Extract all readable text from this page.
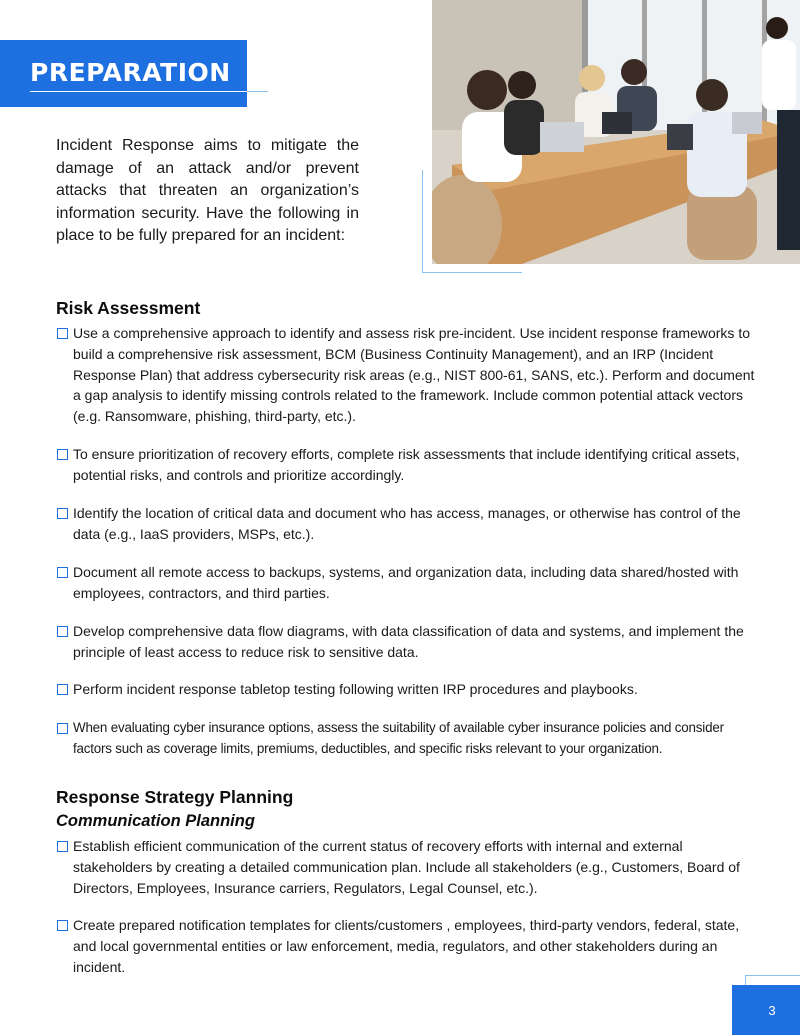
PREPARATION

Incident Response aims to mitigate the damage of an attack and/or prevent attacks that threaten an organization’s information security. Have the following in place to be fully prepared for an incident:

Risk Assessment
Use a comprehensive approach to identify and assess risk pre-incident. Use incident response frameworks to build a comprehensive risk assessment, BCM (Business Continuity Management), and an IRP (Incident Response Plan) that address cybersecurity risk areas (e.g., NIST 800-61, SANS, etc.). Perform and document a gap analysis to identify missing controls related to the framework. Include common potential attack vectors (e.g. Ransomware, phishing, third-party, etc.).
To ensure prioritization of recovery efforts, complete risk assessments that include identifying critical assets, potential risks, and controls and prioritize accordingly.
Identify the location of critical data and document who has access, manages, or otherwise has control of the data (e.g., IaaS providers, MSPs, etc.).
Document all remote access to backups, systems, and organization data, including data shared/hosted with employees, contractors, and third parties.
Develop comprehensive data flow diagrams, with data classification of data and systems, and implement the principle of least access to reduce risk to sensitive data.
Perform incident response tabletop testing following written IRP procedures and playbooks.
When evaluating cyber insurance options, assess the suitability of available cyber insurance policies and consider factors such as coverage limits, premiums, deductibles, and specific risks relevant to your organization.
Response Strategy Planning
Communication Planning
Establish efficient communication of the current status of recovery efforts with internal and external stakeholders by creating a detailed communication plan. Include all stakeholders (e.g., Customers, Board of Directors, Employees, Insurance carriers, Regulators, Legal Counsel, etc.).
Create prepared notification templates for clients/customers , employees, third-party vendors, federal, state, and local governmental entities or law enforcement, media, regulators, and other stakeholders during an incident.
3
